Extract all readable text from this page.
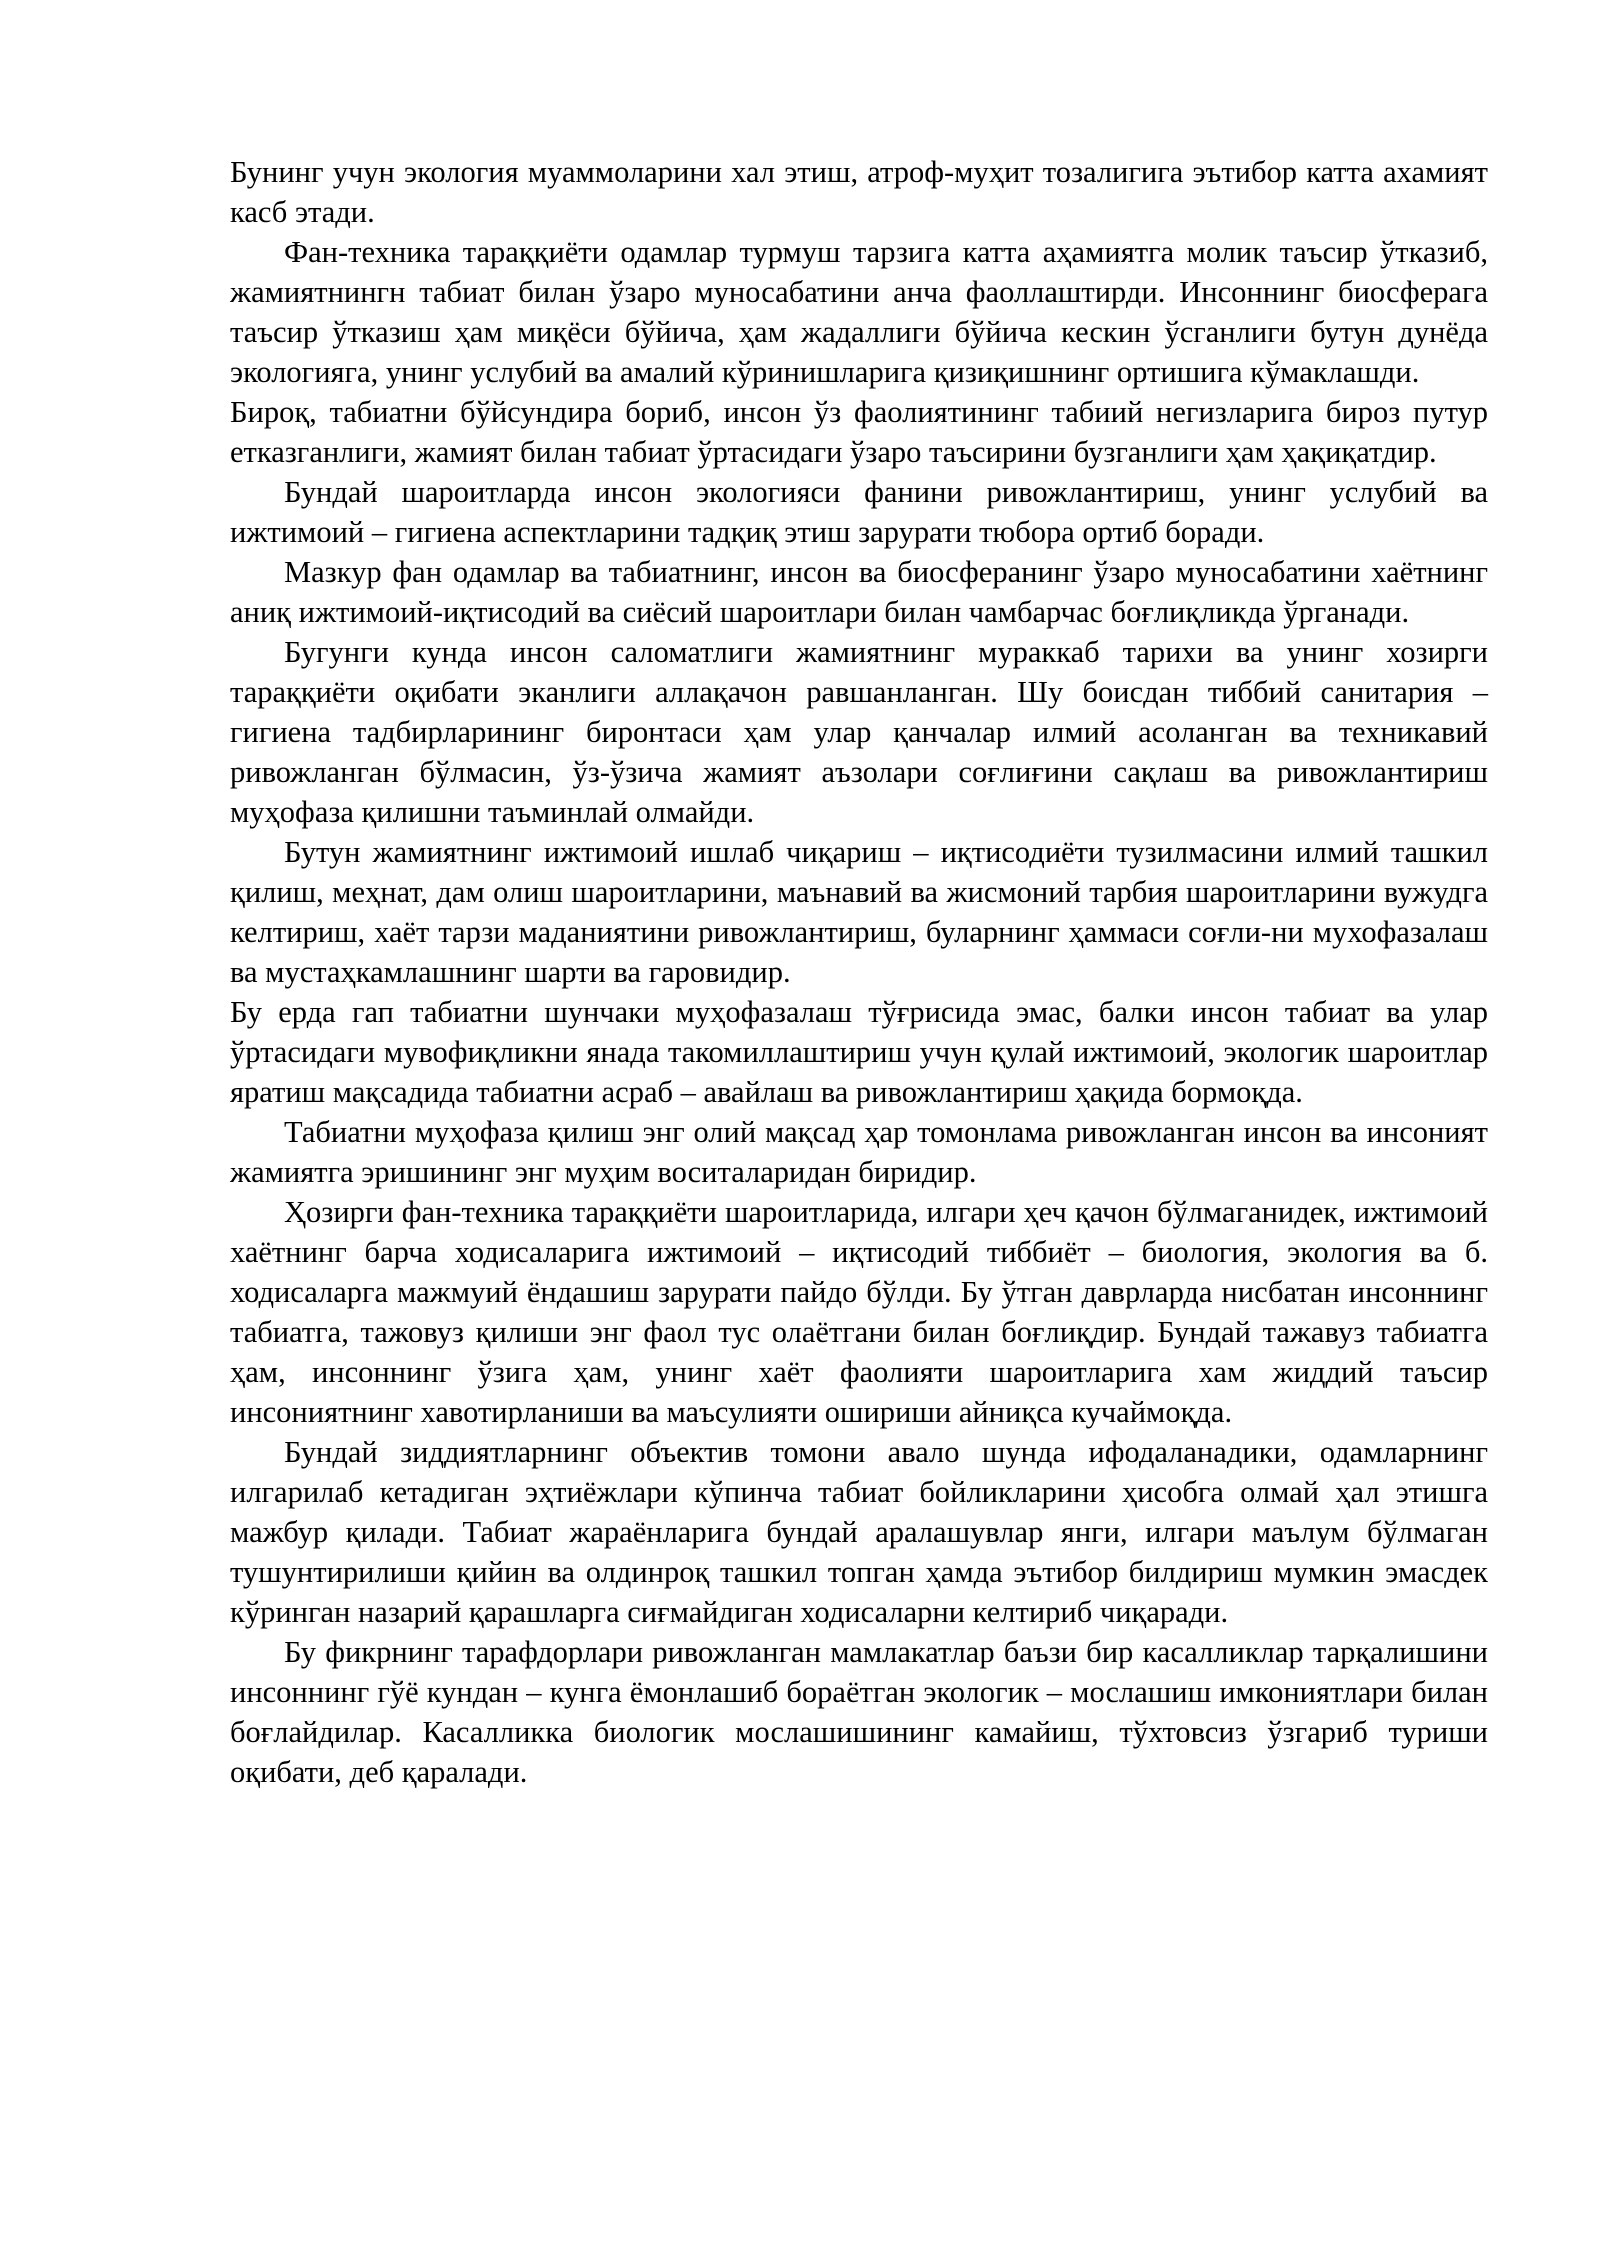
Бунинг учун экология муаммоларини хал этиш, атроф-муҳит тозалигига эътибор катта ахамият касб этади.

Фан-техника тараққиёти одамлар турмуш тарзига катта аҳамиятга молик таъсир ўтказиб, жамиятнингн табиат билан ўзаро муносабатини анча фаоллаштирди. Инсоннинг биосферага таъсир ўтказиш ҳам миқёси бўйича, ҳам жадаллиги бўйича кескин ўсганлиги бутун дунёда экологияга, унинг услубий ва амалий кўринишларига қизиқишнинг ортишига кўмаклашди.

Бироқ, табиатни бўйсундира бориб, инсон ўз фаолиятининг табиий негизларига бироз путур етказганлиги, жамият билан табиат ўртасидаги ўзаро таъсирини бузганлиги ҳам ҳақиқатдир.

Бундай шароитларда инсон экологияси фанини ривожлантириш, унинг услубий ва ижтимоий – гигиена аспектларини тадқиқ этиш зарурати тюбора ортиб боради.

Мазкур фан одамлар ва табиатнинг, инсон ва биосферанинг ўзаро муносабатини хаётнинг аниқ ижтимоий-иқтисодий ва сиёсий шароитлари билан чамбарчас боғлиқликда ўрганади.

Бугунги кунда инсон саломатлиги жамиятнинг мураккаб тарихи ва унинг хозирги тараққиёти оқибати эканлиги аллақачон равшанланган. Шу боисдан тиббий санитария – гигиена тадбирларининг биронтаси ҳам улар қанчалар илмий асоланган ва техникавий ривожланган бўлмасин, ўз-ўзича жамият аъзолари соғлиғини сақлаш ва ривожлантириш муҳофаза қилишни таъминлай олмайди.

Бутун жамиятнинг ижтимоий ишлаб чиқариш – иқтисодиёти тузилмасини илмий ташкил қилиш, меҳнат, дам олиш шароитларини, маънавий ва жисмоний тарбия шароитларини вужудга келтириш, хаёт тарзи маданиятини ривожлантириш, буларнинг ҳаммаси соғли-ни мухофазалаш ва мустаҳкамлашнинг шарти ва гаровидир.

Бу ерда гап табиатни шунчаки муҳофазалаш тўғрисида эмас, балки инсон табиат ва улар ўртасидаги мувофиқликни янада такомиллаштириш учун қулай ижтимоий, экологик шароитлар яратиш мақсадида табиатни асраб – авайлаш ва ривожлантириш ҳақида бормоқда.

Табиатни муҳофаза қилиш энг олий мақсад ҳар томонлама ривожланган инсон ва инсоният жамиятга эришининг энг муҳим воситаларидан биридир.

Ҳозирги фан-техника тараққиёти шароитларида, илгари ҳеч қачон бўлмаганидек, ижтимоий хаётнинг барча ходисаларига ижтимоий – иқтисодий тиббиёт – биология, экология ва б. ходисаларга мажмуий ёндашиш зарурати пайдо бўлди. Бу ўтган даврларда нисбатан инсоннинг табиатга, тажовуз қилиши энг фаол тус олаётгани билан боғлиқдир. Бундай тажавуз табиатга ҳам, инсоннинг ўзига ҳам, унинг хаёт фаолияти шароитларига хам жиддий таъсир инсониятнинг хавотирланиши ва маъсулияти ошириши айниқса кучаймоқда.

Бундай зиддиятларнинг объектив томони авало шунда ифодаланадики, одамларнинг илгарилаб кетадиган эҳтиёжлари кўпинча табиат бойликларини ҳисобга олмай ҳал этишга мажбур қилади. Табиат жараёнларига бундай аралашувлар янги, илгари маълум бўлмаган тушунтирилиши қийин ва олдинроқ ташкил топган ҳамда эътибор билдириш мумкин эмасдек кўринган назарий қарашларга сиғмайдиган ходисаларни келтириб чиқаради.

Бу фикрнинг тарафдорлари ривожланган мамлакатлар баъзи бир касалликлар тарқалишини инсоннинг гўё кундан – кунга ёмонлашиб бораётган экологик – мослашиш имкониятлари билан боғлайдилар. Касалликка биологик мослашишининг камайиш, тўхтовсиз ўзгариб туриши оқибати, деб қаралади.
